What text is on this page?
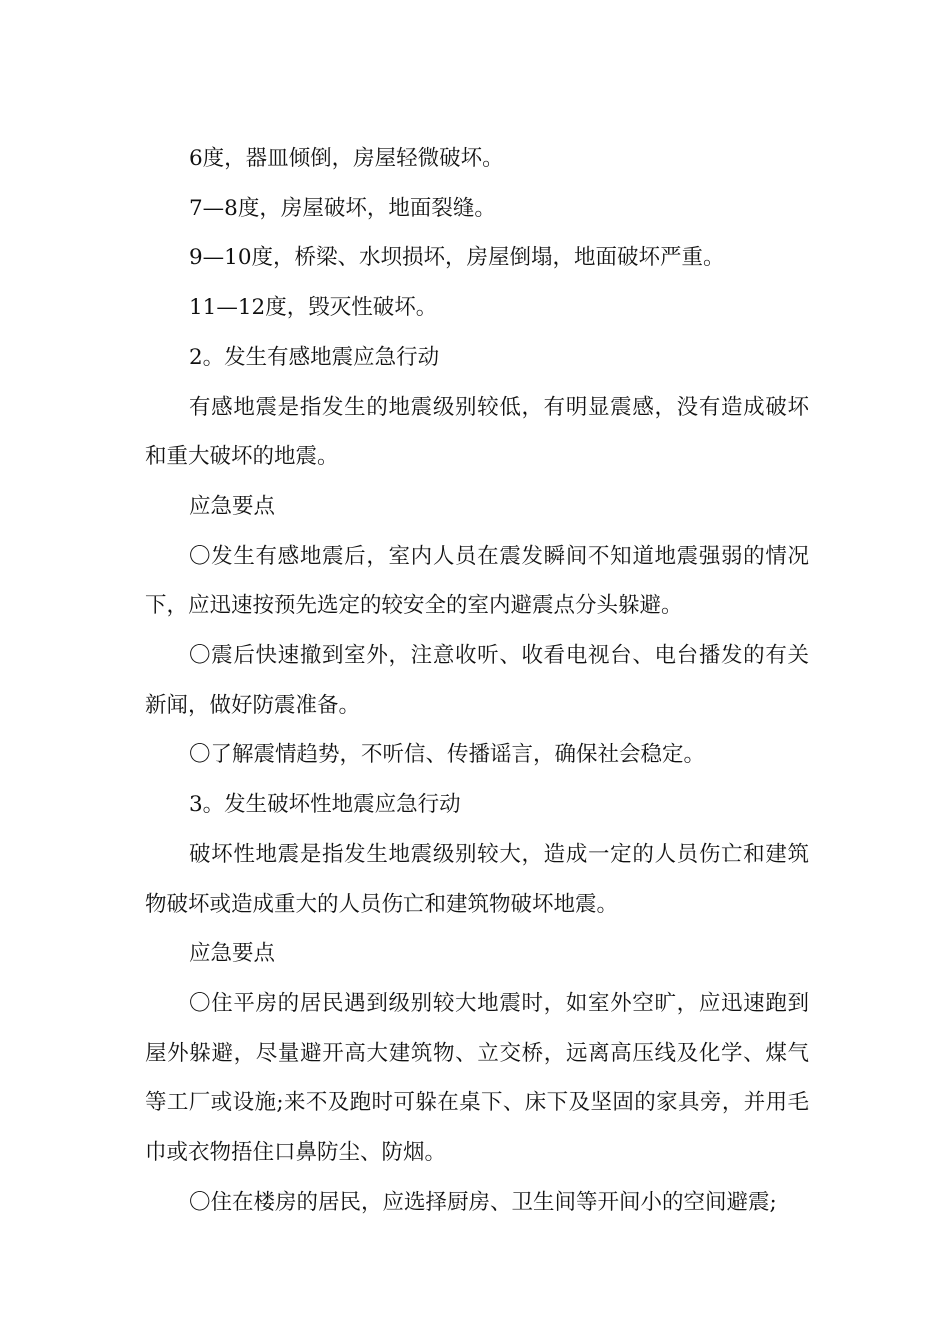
6度，器皿倾倒，房屋轻微破坏。

7—8度，房屋破坏，地面裂缝。

9—10度，桥梁、水坝损坏，房屋倒塌，地面破坏严重。

11—12度，毁灭性破坏。

2。发生有感地震应急行动

有感地震是指发生的地震级别较低，有明显震感，没有造成破坏和重大破坏的地震。

应急要点

〇发生有感地震后，室内人员在震发瞬间不知道地震强弱的情况下，应迅速按预先选定的较安全的室内避震点分头躲避。

〇震后快速撤到室外，注意收听、收看电视台、电台播发的有关新闻，做好防震准备。

〇了解震情趋势，不听信、传播谣言，确保社会稳定。

3。发生破坏性地震应急行动

破坏性地震是指发生地震级别较大，造成一定的人员伤亡和建筑物破坏或造成重大的人员伤亡和建筑物破坏地震。

应急要点

〇住平房的居民遇到级别较大地震时，如室外空旷，应迅速跑到屋外躲避，尽量避开高大建筑物、立交桥，远离高压线及化学、煤气等工厂或设施;来不及跑时可躲在桌下、床下及坚固的家具旁，并用毛巾或衣物捂住口鼻防尘、防烟。

〇住在楼房的居民，应选择厨房、卫生间等开间小的空间避震;
